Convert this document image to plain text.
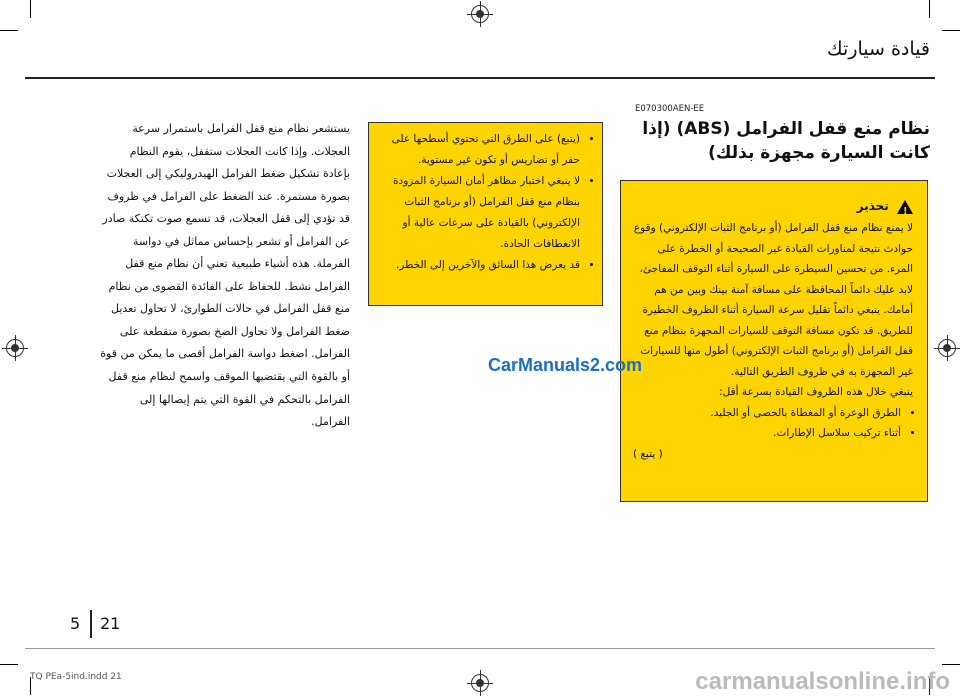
قيادة سيارتك
E070300AEN-EE
نظام منع قفل الفرامل (ABS) (إذا كانت السيارة مجهزة بذلك)
!
تحذير
لا يمنع نظام منع قفل الفرامل (أو برنامج الثبات الإلكتروني) وقوع حوادث نتيجة لمناورات القيادة غير الصحيحة أو الخطرة على المرء. من تحسين السيطرة على السيارة أثناء التوقف المفاجئ، لابد عليك دائماً المحافظة على مسافة آمنة بينك وبين من هم أمامك. ينبغي دائماً تقليل سرعة السيارة أثناء الظروف الخطيرة للطريق. قد تكون مسافة التوقف للسيارات المجهزة بنظام منع قفل الفرامل (أو برنامج الثبات الإلكتروني) أطول منها للسيارات غير المجهزة به في ظروف الطريق التالية.
ينبغي خلال هذه الظروف القيادة بسرعة أقل:
• الطرق الوعرة أو المغطاة بالحصى أو الجليد.
• أثناء تركيب سلاسل الإطارات.
( يتبع )
• (يتبع) على الطرق التي تحتوي أسطحها على حفر أو تضاريس أو تكون غير مستوية.
• لا ينبغي اختبار مظاهر أمان السيارة المزودة بنظام منع قفل الفرامل (أو برنامج الثبات الإلكتروني) بالقيادة على سرعات عالية أو الانعطافات الحادة.
• قد يعرض هذا السائق والآخرين إلى الخطر.
يستشعر نظام منع قفل الفرامل باستمرار سرعة العجلات. وإذا كانت العجلات ستقفل، يقوم النظام بإعادة تشكيل ضغط الفرامل الهيدروليكي إلى العجلات بصورة مستمرة. عند الضغط على الفرامل في ظروف قد تؤدي إلى قفل العجلات، قد تسمع صوت تكتكة صادر عن الفرامل أو تشعر بإحساس مماثل في دواسة الفرملة. هذه أشياء طبيعية تعني أن نظام منع قفل الفرامل نشط. للحفاظ على الفائدة القصوى من نظام منع قفل الفرامل في حالات الطوارئ، لا تحاول تعديل ضغط الفرامل ولا تحاول الضخ بصورة متقطعة على الفرامل. اضغط دواسة الفرامل أقصى ما يمكن من قوة أو بالقوة التي يقتضيها الموقف واسمح لنظام منع قفل الفرامل بالتحكم في القوة التي يتم إيصالها إلى الفرامل.
CarManuals2.com
5 21
TQ PEa-5ind.indd 21	carmanualsonline.info
